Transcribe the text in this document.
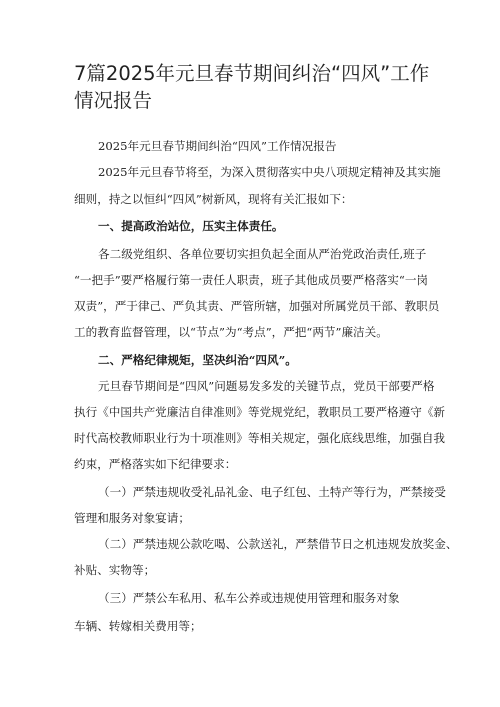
7篇2025年元旦春节期间纠治“四风”工作
情况报告
2025年元旦春节期间纠治“四风”工作情况报告
2025年元旦春节将至，为深入贯彻落实中央八项规定精神及其实施
细则，持之以恒纠“四风”树新风，现将有关汇报如下：
一、提高政治站位，压实主体责任。
各二级党组织、各单位要切实担负起全面从严治党政治责任,班子
“一把手”要严格履行第一责任人职责，班子其他成员要严格落实“一岗
双责”，严于律己、严负其责、严管所辖，加强对所属党员干部、教职员
工的教育监督管理，以“节点”为“考点”，严把“两节”廉洁关。
二、严格纪律规矩，坚决纠治“四风”。
元旦春节期间是“四风”问题易发多发的关键节点，党员干部要严格
执行《中国共产党廉洁自律准则》等党规党纪，教职员工要严格遵守《新
时代高校教师职业行为十项准则》等相关规定，强化底线思维，加强自我
约束，严格落实如下纪律要求：
（一）严禁违规收受礼品礼金、电子红包、土特产等行为，严禁接受
管理和服务对象宴请；
（二）严禁违规公款吃喝、公款送礼，严禁借节日之机违规发放奖金、
补贴、实物等；
（三）严禁公车私用、私车公养或违规使用管理和服务对象
车辆、转嫁相关费用等；
